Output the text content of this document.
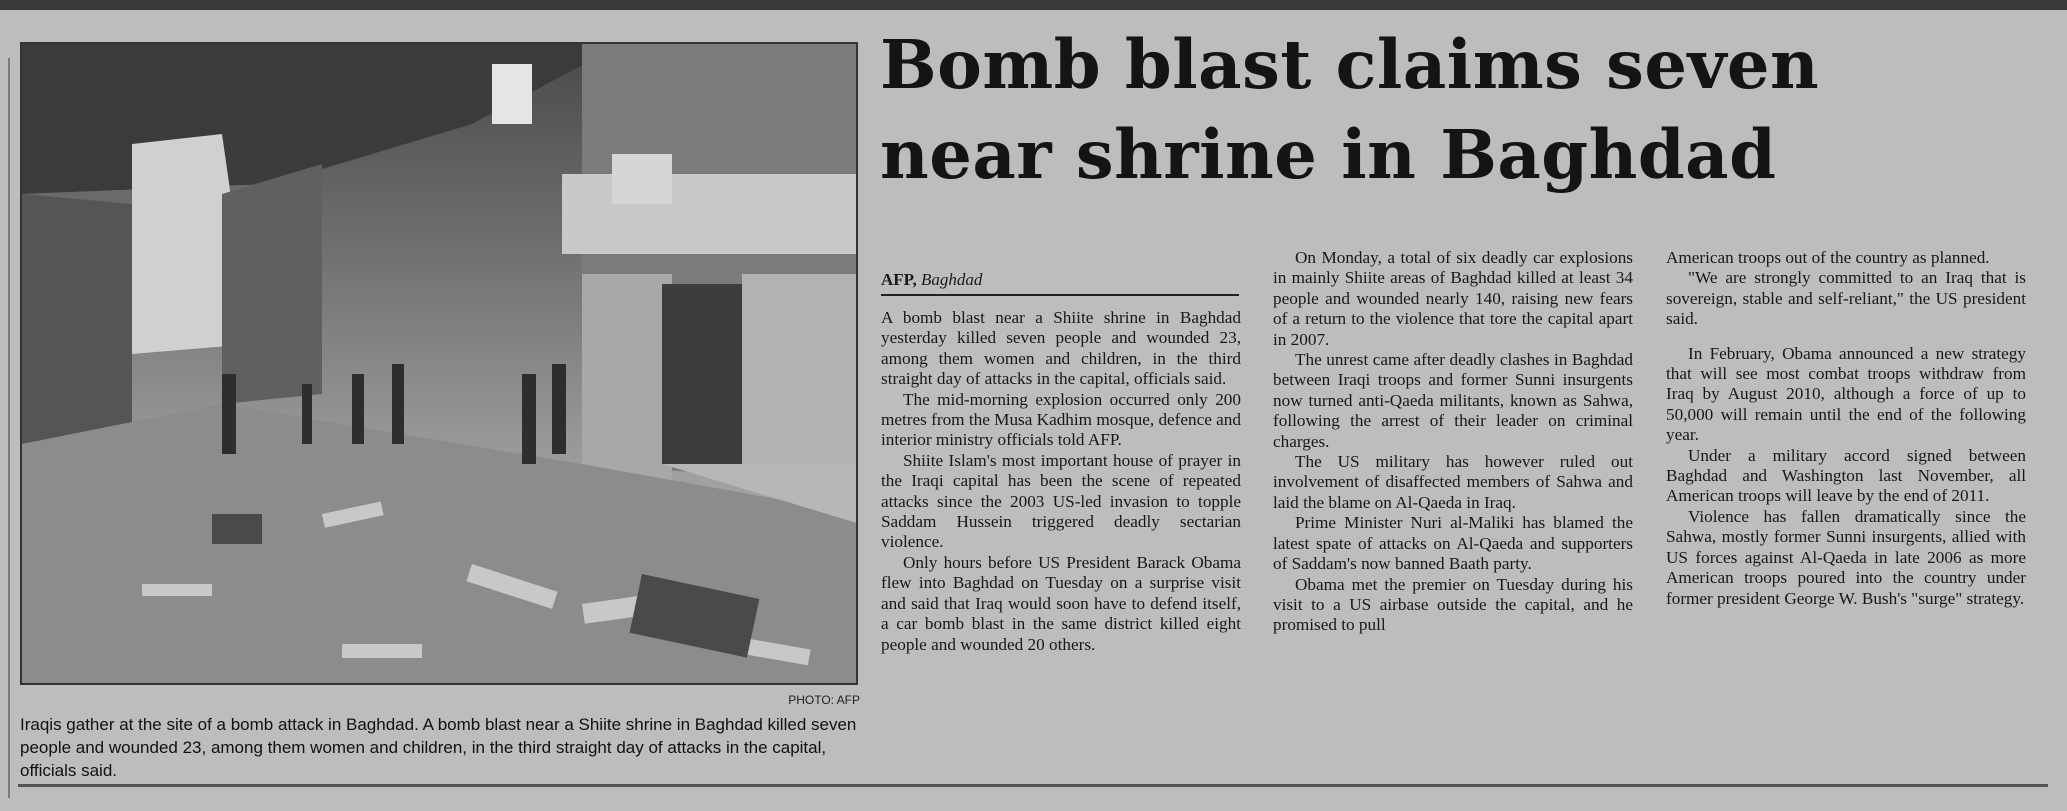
PHOTO: AFP
Iraqis gather at the site of a bomb attack in Baghdad. A bomb blast near a Shiite shrine in Baghdad killed seven people and wounded 23, among them women and children, in the third straight day of attacks in the capital, officials said.
Bomb blast claims seven
near shrine in Baghdad
AFP, Baghdad

A bomb blast near a Shiite shrine in Baghdad yesterday killed seven people and wounded 23, among them women and children, in the third straight day of attacks in the capital, officials said.

The mid-morning explosion occurred only 200 metres from the Musa Kadhim mosque, defence and interior ministry officials told AFP.

Shiite Islam's most important house of prayer in the Iraqi capital has been the scene of repeated attacks since the 2003 US-led invasion to topple Saddam Hussein triggered deadly sectarian violence.

Only hours before US President Barack Obama flew into Baghdad on Tuesday on a surprise visit and said that Iraq would soon have to defend itself, a car bomb blast in the same district killed eight people and wounded 20 others.

On Monday, a total of six deadly car explosions in mainly Shiite areas of Baghdad killed at least 34 people and wounded nearly 140, raising new fears of a return to the violence that tore the capital apart in 2007.

The unrest came after deadly clashes in Baghdad between Iraqi troops and former Sunni insurgents now turned anti-Qaeda militants, known as Sahwa, following the arrest of their leader on criminal charges.

The US military has however ruled out involvement of disaffected members of Sahwa and laid the blame on Al-Qaeda in Iraq.

Prime Minister Nuri al-Maliki has blamed the latest spate of attacks on Al-Qaeda and supporters of Saddam's now banned Baath party.

Obama met the premier on Tuesday during his visit to a US airbase outside the capital, and he promised to pull

American troops out of the country as planned.

"We are strongly committed to an Iraq that is sovereign, stable and self-reliant," the US president said.

In February, Obama announced a new strategy that will see most combat troops withdraw from Iraq by August 2010, although a force of up to 50,000 will remain until the end of the following year.

Under a military accord signed between Baghdad and Washington last November, all American troops will leave by the end of 2011.

Violence has fallen dramatically since the Sahwa, mostly former Sunni insurgents, allied with US forces against Al-Qaeda in late 2006 as more American troops poured into the country under former president George W. Bush's "surge" strategy.
